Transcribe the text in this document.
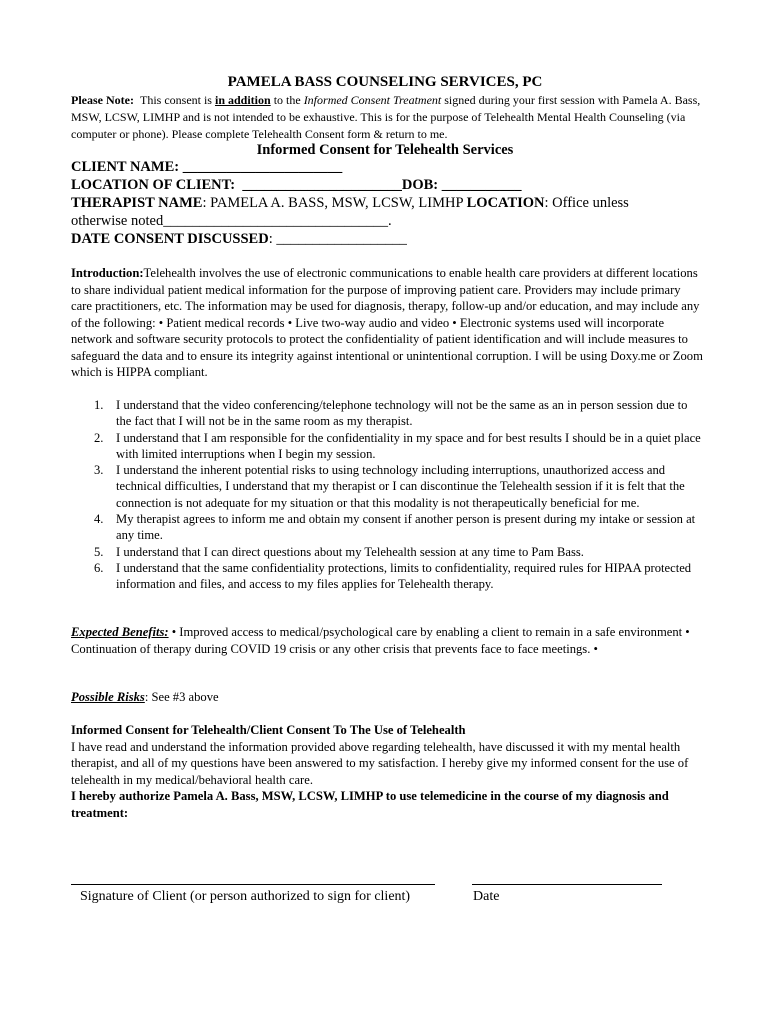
PAMELA BASS COUNSELING SERVICES, PC
Please Note: This consent is in addition to the Informed Consent Treatment signed during your first session with Pamela A. Bass, MSW, LCSW, LIMHP and is not intended to be exhaustive. This is for the purpose of Telehealth Mental Health Counseling (via computer or phone). Please complete Telehealth Consent form & return to me.
Informed Consent for Telehealth Services
CLIENT NAME: ______________________
LOCATION OF CLIENT: ______________________DOB: ___________
THERAPIST NAME: PAMELA A. BASS, MSW, LCSW, LIMHP LOCATION: Office unless
otherwise noted_______________________________.
DATE CONSENT DISCUSSED: __________________
Introduction:Telehealth involves the use of electronic communications to enable health care providers at different locations to share individual patient medical information for the purpose of improving patient care. Providers may include primary care practitioners, etc. The information may be used for diagnosis, therapy, follow-up and/or education, and may include any of the following: • Patient medical records • Live two-way audio and video • Electronic systems used will incorporate network and software security protocols to protect the confidentiality of patient identification and will include measures to safeguard the data and to ensure its integrity against intentional or unintentional corruption. I will be using Doxy.me or Zoom which is HIPPA compliant.
1. I understand that the video conferencing/telephone technology will not be the same as an in person session due to the fact that I will not be in the same room as my therapist.
2. I understand that I am responsible for the confidentiality in my space and for best results I should be in a quiet place with limited interruptions when I begin my session.
3. I understand the inherent potential risks to using technology including interruptions, unauthorized access and technical difficulties, I understand that my therapist or I can discontinue the Telehealth session if it is felt that the connection is not adequate for my situation or that this modality is not therapeutically beneficial for me.
4. My therapist agrees to inform me and obtain my consent if another person is present during my intake or session at any time.
5. I understand that I can direct questions about my Telehealth session at any time to Pam Bass.
6. I understand that the same confidentiality protections, limits to confidentiality, required rules for HIPAA protected information and files, and access to my files applies for Telehealth therapy.
Expected Benefits: • Improved access to medical/psychological care by enabling a client to remain in a safe environment • Continuation of therapy during COVID 19 crisis or any other crisis that prevents face to face meetings. •
Possible Risks: See #3 above
Informed Consent for Telehealth/Client Consent To The Use of Telehealth
I have read and understand the information provided above regarding telehealth, have discussed it with my mental health therapist, and all of my questions have been answered to my satisfaction. I hereby give my informed consent for the use of telehealth in my medical/behavioral health care.
I hereby authorize Pamela A. Bass, MSW, LCSW, LIMHP to use telemedicine in the course of my diagnosis and treatment:
Signature of Client (or person authorized to sign for client)	Date
